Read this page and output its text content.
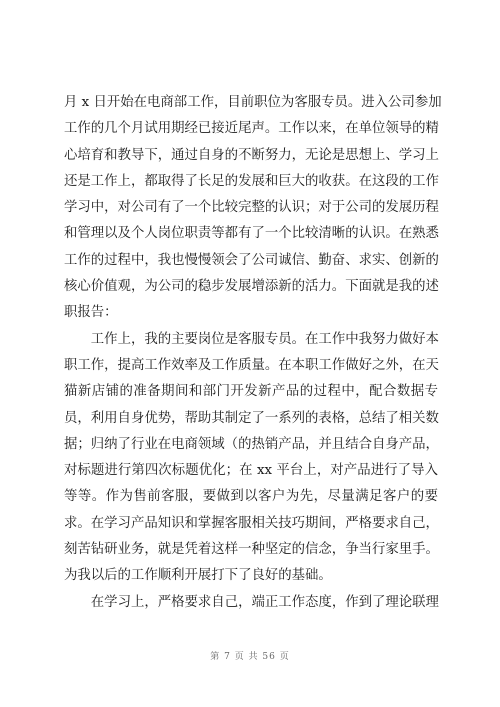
月 x 日开始在电商部工作，目前职位为客服专员。进入公司参加
工作的几个月试用期经已接近尾声。工作以来，在单位领导的精
心培育和教导下，通过自身的不断努力，无论是思想上、学习上
还是工作上，都取得了长足的发展和巨大的收获。在这段的工作
学习中，对公司有了一个比较完整的认识；对于公司的发展历程
和管理以及个人岗位职责等都有了一个比较清晰的认识。在熟悉
工作的过程中，我也慢慢领会了公司诚信、勤奋、求实、创新的
核心价值观，为公司的稳步发展增添新的活力。下面就是我的述
职报告：

工作上，我的主要岗位是客服专员。在工作中我努力做好本
职工作，提高工作效率及工作质量。在本职工作做好之外，在天
猫新店铺的准备期间和部门开发新产品的过程中，配合数据专
员，利用自身优势，帮助其制定了一系列的表格，总结了相关数
据；归纳了行业在电商领域（的热销产品，并且结合自身产品，
对标题进行第四次标题优化；在 xx 平台上，对产品进行了导入
等等。作为售前客服，要做到以客户为先，尽量满足客户的要
求。在学习产品知识和掌握客服相关技巧期间，严格要求自己，
刻苦钻研业务，就是凭着这样一种坚定的信念，争当行家里手。
为我以后的工作顺利开展打下了良好的基础。

在学习上，严格要求自己，端正工作态度，作到了理论联理

第 7 页 共 56 页
